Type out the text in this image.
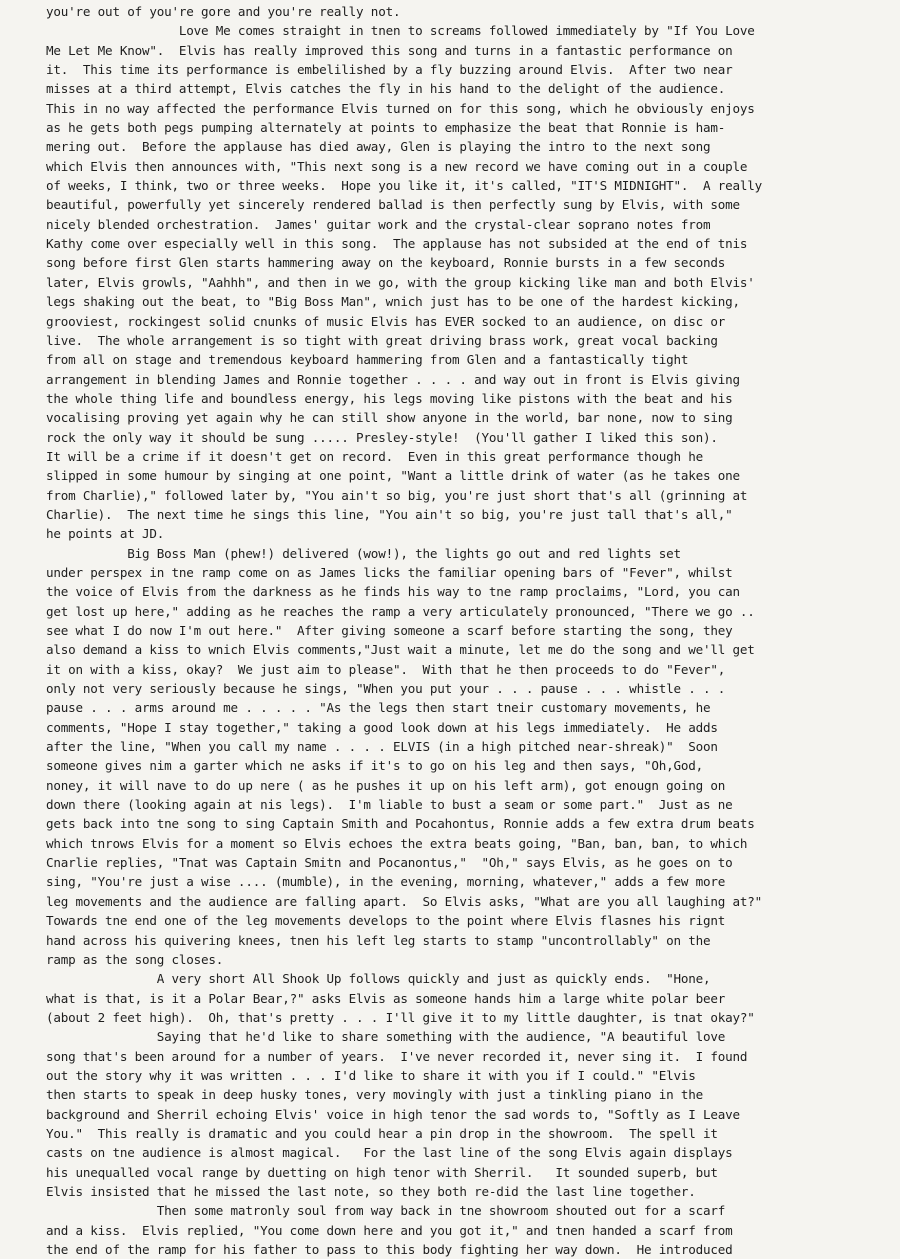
you're out of you're gore and you're really not.
Love Me comes straight in tnen to screams followed immediately by "If You Love
Me Let Me Know".  Elvis has really improved this song and turns in a fantastic performance on
it.  This time its performance is embelilished by a fly buzzing around Elvis.  After two near
misses at a third attempt, Elvis catches the fly in his hand to the delight of the audience.
This in no way affected the performance Elvis turned on for this song, which he obviously enjoys
as he gets both pegs pumping alternately at points to emphasize the beat that Ronnie is ham-
mering out.  Before the applause has died away, Glen is playing the intro to the next song
which Elvis then announces with, "This next song is a new record we have coming out in a couple
of weeks, I think, two or three weeks.  Hope you like it, it's called, "IT'S MIDNIGHT".  A really
beautiful, powerfully yet sincerely rendered ballad is then perfectly sung by Elvis, with some
nicely blended orchestration.  James' guitar work and the crystal-clear soprano notes from
Kathy come over especially well in this song.  The applause has not subsided at the end of tnis
song before first Glen starts hammering away on the keyboard, Ronnie bursts in a few seconds
later, Elvis growls, "Aahhh", and then in we go, with the group kicking like man and both Elvis'
legs shaking out the beat, to "Big Boss Man", wnich just has to be one of the hardest kicking,
grooviest, rockingest solid cnunks of music Elvis has EVER socked to an audience, on disc or
live.  The whole arrangement is so tight with great driving brass work, great vocal backing
from all on stage and tremendous keyboard hammering from Glen and a fantastically tight
arrangement in blending James and Ronnie together . . . . and way out in front is Elvis giving
the whole thing life and boundless energy, his legs moving like pistons with the beat and his
vocalising proving yet again why he can still show anyone in the world, bar none, now to sing
rock the only way it should be sung ..... Presley-style!  (You'll gather I liked this son).
It will be a crime if it doesn't get on record.  Even in this great performance though he
slipped in some humour by singing at one point, "Want a little drink of water (as he takes one
from Charlie)," followed later by, "You ain't so big, you're just short that's all (grinning at
Charlie).  The next time he sings this line, "You ain't so big, you're just tall that's all,"
he points at JD.
Big Boss Man (phew!) delivered (wow!), the lights go out and red lights set
under perspex in tne ramp come on as James licks the familiar opening bars of "Fever", whilst
the voice of Elvis from the darkness as he finds his way to tne ramp proclaims, "Lord, you can
get lost up here," adding as he reaches the ramp a very articulately pronounced, "There we go ..
see what I do now I'm out here."  After giving someone a scarf before starting the song, they
also demand a kiss to wnich Elvis comments,"Just wait a minute, let me do the song and we'll get
it on with a kiss, okay?  We just aim to please".  With that he then proceeds to do "Fever",
only not very seriously because he sings, "When you put your . . . pause . . . whistle . . .
pause . . . arms around me . . . . . "As the legs then start tneir customary movements, he
comments, "Hope I stay together," taking a good look down at his legs immediately.  He adds
after the line, "When you call my name . . . . ELVIS (in a high pitched near-shreak)"  Soon
someone gives nim a garter which ne asks if it's to go on his leg and then says, "Oh,God,
noney, it will nave to do up nere ( as he pushes it up on his left arm), got enougn going on
down there (looking again at nis legs).  I'm liable to bust a seam or some part."  Just as ne
gets back into tne song to sing Captain Smith and Pocahontus, Ronnie adds a few extra drum beats
which tnrows Elvis for a moment so Elvis echoes the extra beats going, "Ban, ban, ban, to which
Cnarlie replies, "Tnat was Captain Smitn and Pocanontus,"  "Oh," says Elvis, as he goes on to
sing, "You're just a wise .... (mumble), in the evening, morning, whatever," adds a few more
leg movements and the audience are falling apart.  So Elvis asks, "What are you all laughing at?"
Towards tne end one of the leg movements develops to the point where Elvis flasnes his rignt
hand across his quivering knees, tnen his left leg starts to stamp "uncontrollably" on the
ramp as the song closes.
A very short All Shook Up follows quickly and just as quickly ends.  "Hone,
what is that, is it a Polar Bear,?" asks Elvis as someone hands him a large white polar beer
(about 2 feet high).  Oh, that's pretty . . . I'll give it to my little daughter, is tnat okay?"
Saying that he'd like to share something with the audience, "A beautiful love
song that's been around for a number of years.  I've never recorded it, never sing it.  I found
out the story why it was written . . . I'd like to share it with you if I could." "Elvis
then starts to speak in deep husky tones, very movingly with just a tinkling piano in the
background and Sherril echoing Elvis' voice in high tenor the sad words to, "Softly as I Leave
You."  This really is dramatic and you could hear a pin drop in the showroom.  The spell it
casts on tne audience is almost magical.   For the last line of the song Elvis again displays
his unequalled vocal range by duetting on high tenor with Sherril.   It sounded superb, but
Elvis insisted that he missed the last note, so they both re-did the last line together.
Then some matronly soul from way back in tne showroom shouted out for a scarf
and a kiss.  Elvis replied, "You come down here and you got it," and tnen handed a scarf from
the end of the ramp for his father to pass to this body fighting her way down.  He introduced
